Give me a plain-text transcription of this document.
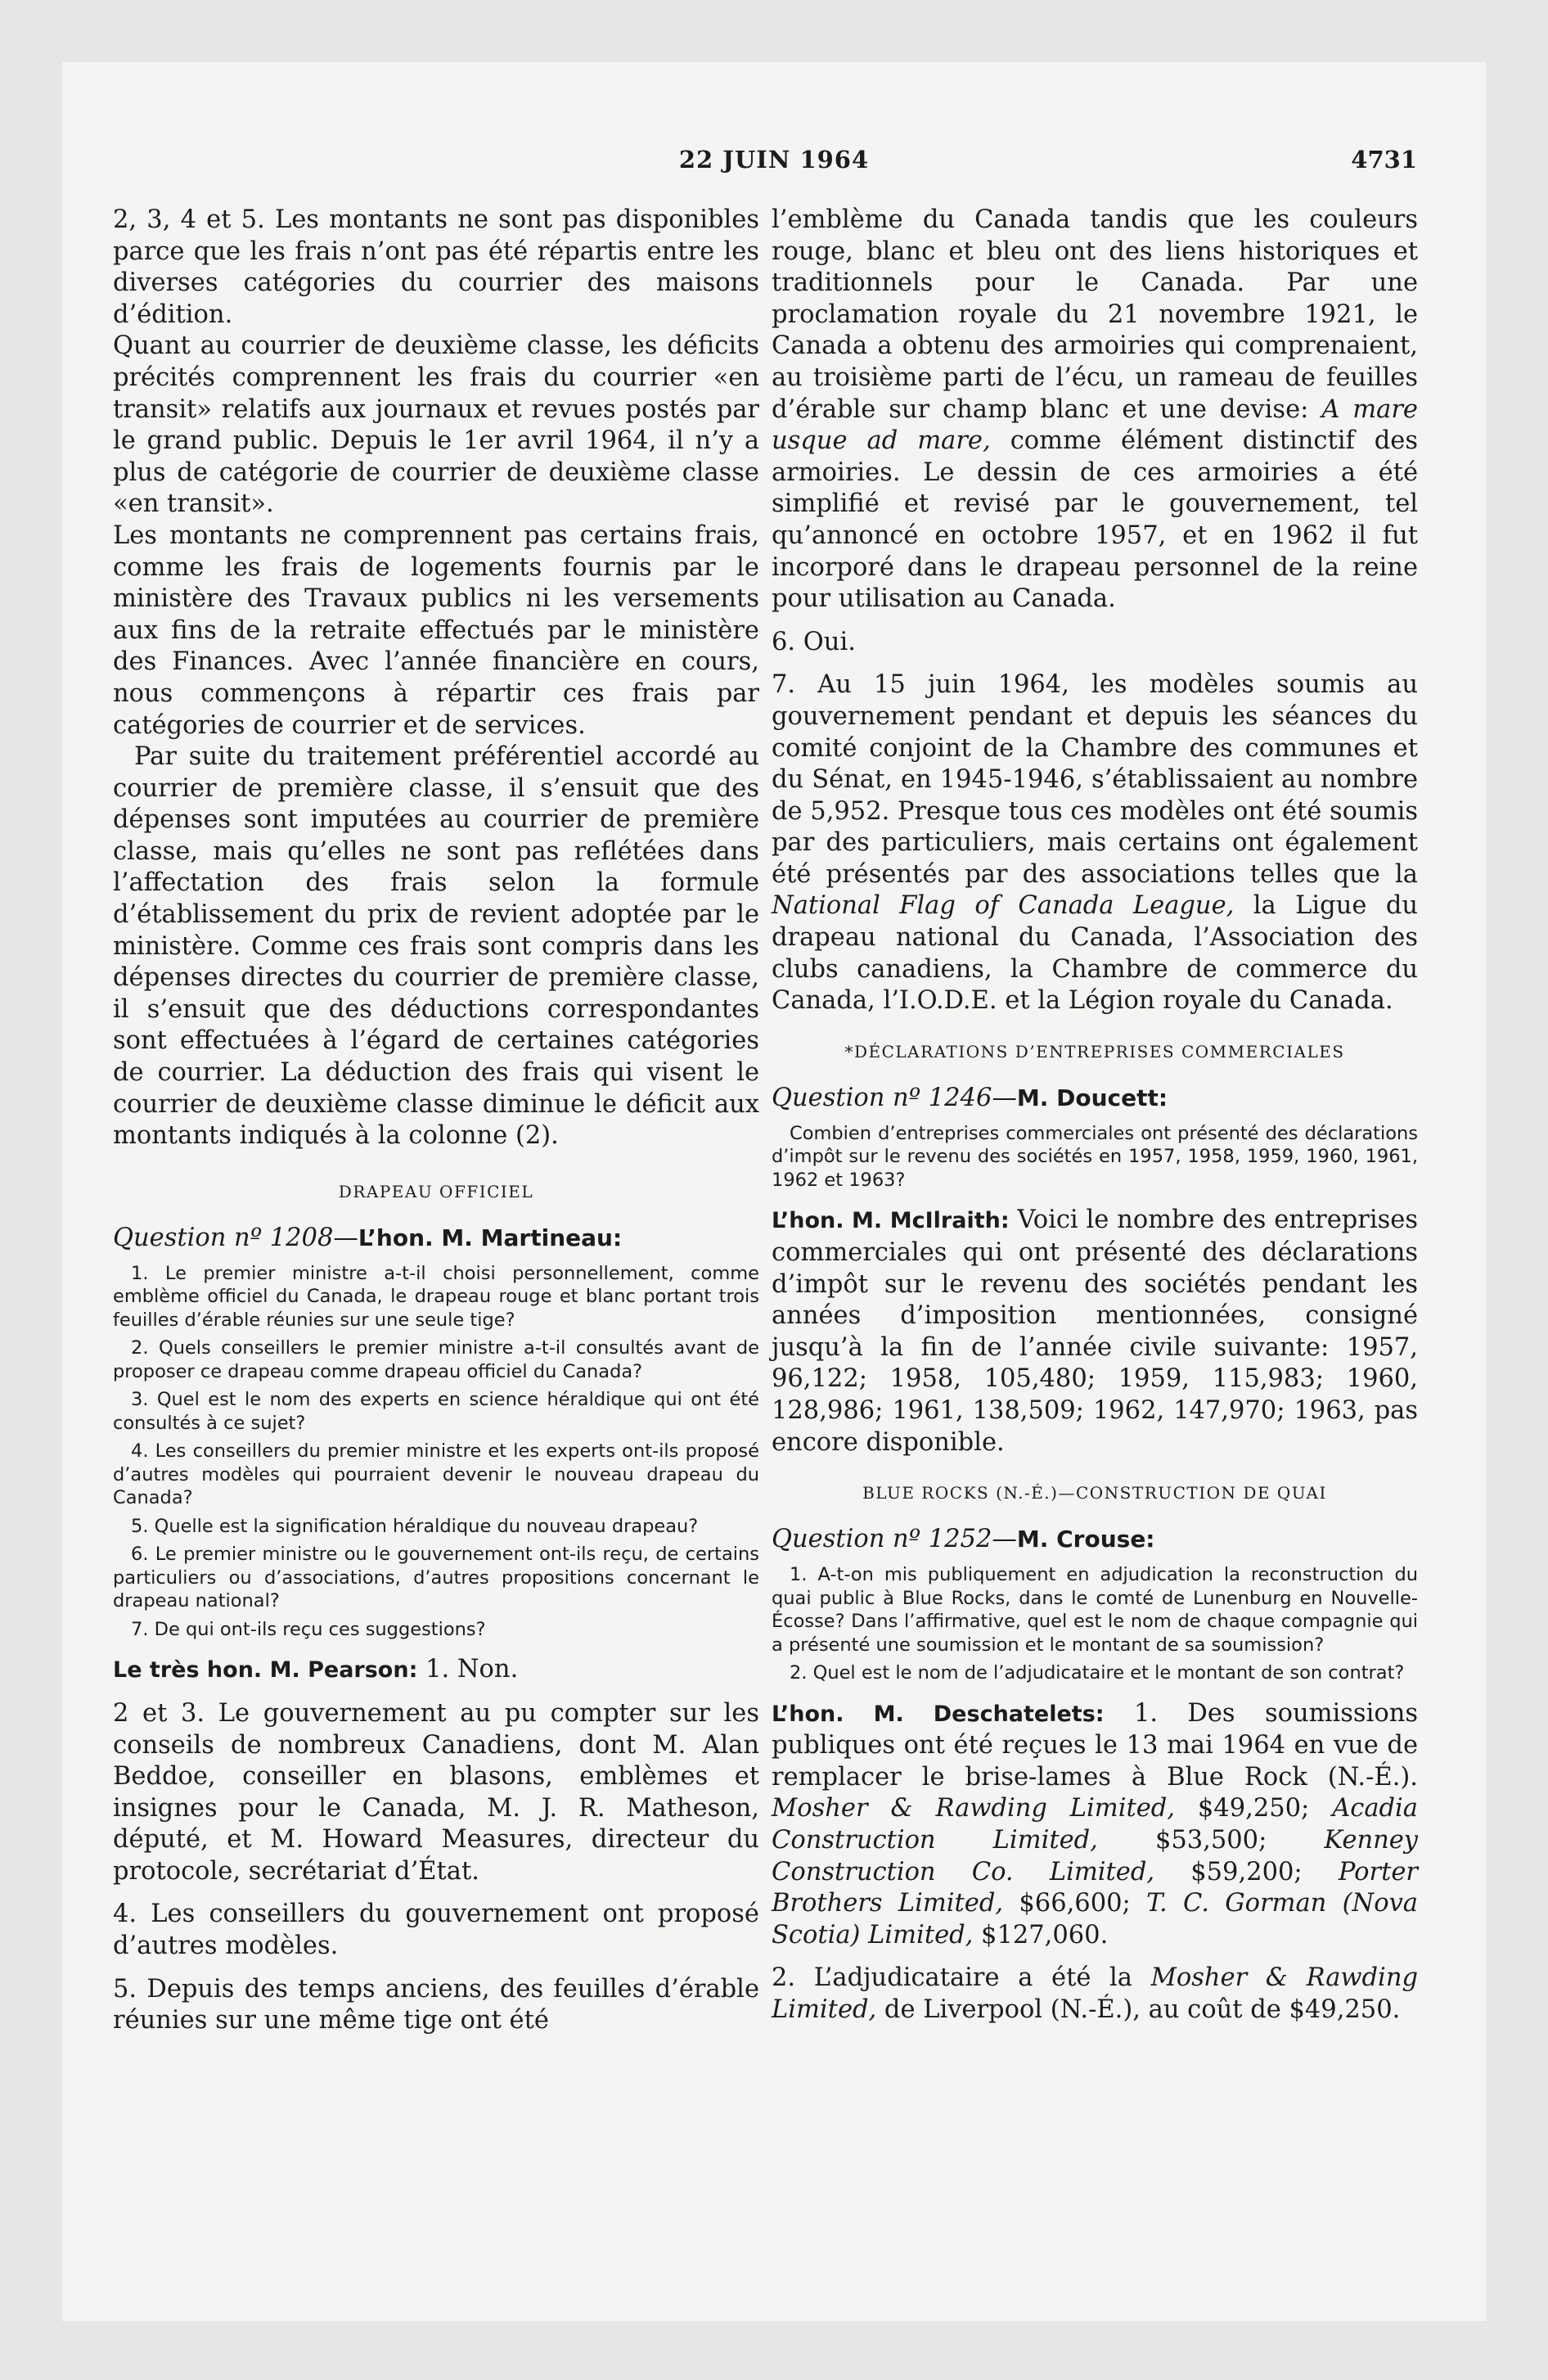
22 JUIN 1964	4731

2, 3, 4 et 5. Les montants ne sont pas disponibles parce que les frais n’ont pas été répartis entre les diverses catégories du courrier des maisons d’édition.

Quant au courrier de deuxième classe, les déficits précités comprennent les frais du courrier «en transit» relatifs aux journaux et revues postés par le grand public. Depuis le 1er avril 1964, il n’y a plus de catégorie de courrier de deuxième classe «en transit».

Les montants ne comprennent pas certains frais, comme les frais de logements fournis par le ministère des Travaux publics ni les versements aux fins de la retraite effectués par le ministère des Finances. Avec l’année financière en cours, nous commençons à répartir ces frais par catégories de courrier et de services.

Par suite du traitement préférentiel accordé au courrier de première classe, il s’ensuit que des dépenses sont imputées au courrier de première classe, mais qu’elles ne sont pas reflétées dans l’affectation des frais selon la formule d’établissement du prix de revient adoptée par le ministère. Comme ces frais sont compris dans les dépenses directes du courrier de première classe, il s’ensuit que des déductions correspondantes sont effectuées à l’égard de certaines catégories de courrier. La déduction des frais qui visent le courrier de deuxième classe diminue le déficit aux montants indiqués à la colonne (2).

DRAPEAU OFFICIEL
Question nº 1208—L’hon. M. Martineau:
1. Le premier ministre a-t-il choisi personnellement, comme emblème officiel du Canada, le drapeau rouge et blanc portant trois feuilles d’érable réunies sur une seule tige?
2. Quels conseillers le premier ministre a-t-il consultés avant de proposer ce drapeau comme drapeau officiel du Canada?
3. Quel est le nom des experts en science héraldique qui ont été consultés à ce sujet?
4. Les conseillers du premier ministre et les experts ont-ils proposé d’autres modèles qui pourraient devenir le nouveau drapeau du Canada?
5. Quelle est la signification héraldique du nouveau drapeau?
6. Le premier ministre ou le gouvernement ont-ils reçu, de certains particuliers ou d’associations, d’autres propositions concernant le drapeau national?
7. De qui ont-ils reçu ces suggestions?

Le très hon. M. Pearson: 1. Non.

2 et 3. Le gouvernement au pu compter sur les conseils de nombreux Canadiens, dont M. Alan Beddoe, conseiller en blasons, emblèmes et insignes pour le Canada, M. J. R. Matheson, député, et M. Howard Measures, directeur du protocole, secrétariat d’État.

4. Les conseillers du gouvernement ont proposé d’autres modèles.

5. Depuis des temps anciens, des feuilles d’érable réunies sur une même tige ont été

l’emblème du Canada tandis que les couleurs rouge, blanc et bleu ont des liens historiques et traditionnels pour le Canada. Par une proclamation royale du 21 novembre 1921, le Canada a obtenu des armoiries qui comprenaient, au troisième parti de l’écu, un rameau de feuilles d’érable sur champ blanc et une devise: A mare usque ad mare, comme élément distinctif des armoiries. Le dessin de ces armoiries a été simplifié et revisé par le gouvernement, tel qu’annoncé en octobre 1957, et en 1962 il fut incorporé dans le drapeau personnel de la reine pour utilisation au Canada.

6. Oui.

7. Au 15 juin 1964, les modèles soumis au gouvernement pendant et depuis les séances du comité conjoint de la Chambre des communes et du Sénat, en 1945-1946, s’établissaient au nombre de 5,952. Presque tous ces modèles ont été soumis par des particuliers, mais certains ont également été présentés par des associations telles que la National Flag of Canada League, la Ligue du drapeau national du Canada, l’Association des clubs canadiens, la Chambre de commerce du Canada, l’I.O.D.E. et la Légion royale du Canada.

*DÉCLARATIONS D’ENTREPRISES COMMERCIALES
Question nº 1246—M. Doucett:
Combien d’entreprises commerciales ont présenté des déclarations d’impôt sur le revenu des sociétés en 1957, 1958, 1959, 1960, 1961, 1962 et 1963?

L’hon. M. McIlraith: Voici le nombre des entreprises commerciales qui ont présenté des déclarations d’impôt sur le revenu des sociétés pendant les années d’imposition mentionnées, consigné jusqu’à la fin de l’année civile suivante: 1957, 96,122; 1958, 105,480; 1959, 115,983; 1960, 128,986; 1961, 138,509; 1962, 147,970; 1963, pas encore disponible.

BLUE ROCKS (N.-É.)—CONSTRUCTION DE QUAI
Question nº 1252—M. Crouse:
1. A-t-on mis publiquement en adjudication la reconstruction du quai public à Blue Rocks, dans le comté de Lunenburg en Nouvelle-Écosse? Dans l’affirmative, quel est le nom de chaque compagnie qui a présenté une soumission et le montant de sa soumission?
2. Quel est le nom de l’adjudicataire et le montant de son contrat?

L’hon. M. Deschatelets: 1. Des soumissions publiques ont été reçues le 13 mai 1964 en vue de remplacer le brise-lames à Blue Rock (N.-É.). Mosher & Rawding Limited, $49,250; Acadia Construction Limited, $53,500; Kenney Construction Co. Limited, $59,200; Porter Brothers Limited, $66,600; T. C. Gorman (Nova Scotia) Limited, $127,060.

2. L’adjudicataire a été la Mosher & Rawding Limited, de Liverpool (N.-É.), au coût de $49,250.
